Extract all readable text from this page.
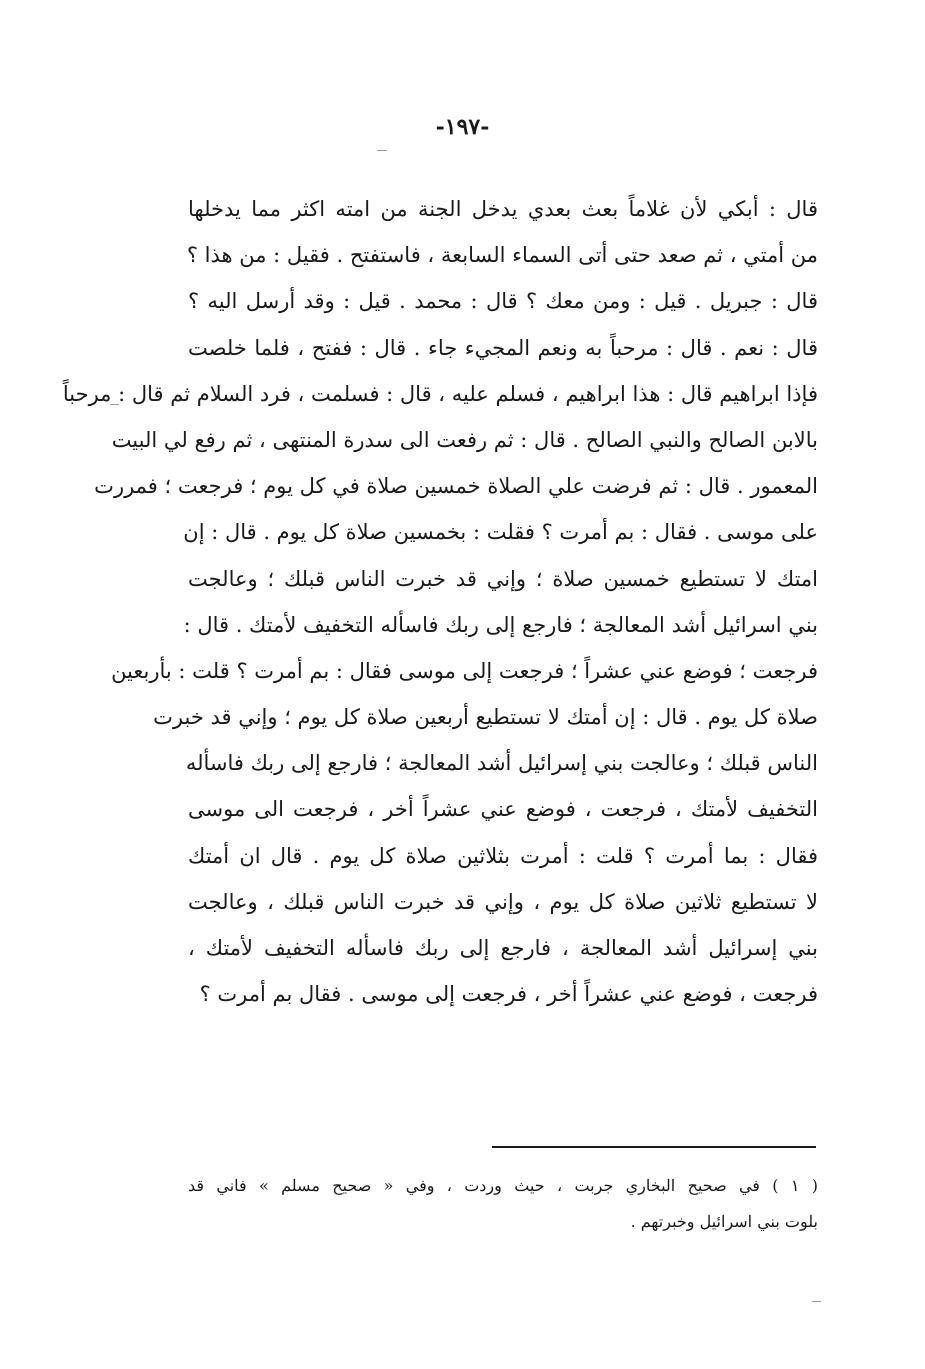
-١٩٧-
قال : أبكي لأن غلاماً بعث بعدي يدخل الجنة من امته اكثر مما يدخلها
من أمتي ، ثم صعد حتى أتى السماء السابعة ، فاستفتح . فقيل : من هذا ؟
قال : جبريل . قيل : ومن معك ؟ قال : محمد . قيل : وقد أرسل اليه ؟
قال : نعم . قال : مرحباً به ونعم المجيء جاء . قال : ففتح ، فلما خلصت
فإذا ابراهيم قال : هذا ابراهيم ، فسلم عليه ، قال : فسلمت ، فرد السلام ثم قال : مرحباً
بالابن الصالح والنبي الصالح . قال : ثم رفعت الى سدرة المنتهى ، ثم رفع لي البيت
المعمور . قال : ثم فرضت علي الصلاة خمسين صلاة في كل يوم ؛ فرجعت ؛ فمررت
على موسى . فقال : بم أمرت ؟ فقلت : بخمسين صلاة كل يوم . قال : إن
امتك لا تستطيع خمسين صلاة ؛ وإني قد خبرت الناس قبلك ؛ وعالجت
بني اسرائيل أشد المعالجة ؛ فارجع إلى ربك فاسأله التخفيف لأمتك . قال :
فرجعت ؛ فوضع عني عشراً ؛ فرجعت إلى موسى فقال : بم أمرت ؟ قلت : بأربعين
صلاة كل يوم . قال : إن أمتك لا تستطيع أربعين صلاة كل يوم ؛ وإني قد خبرت
الناس قبلك ؛ وعالجت بني إسرائيل أشد المعالجة ؛ فارجع إلى ربك فاسأله
التخفيف لأمتك ، فرجعت ، فوضع عني عشراً أخر ، فرجعت الى موسى
فقال : بما أمرت ؟ قلت : أمرت بثلاثين صلاة كل يوم . قال ان أمتك
لا تستطيع ثلاثين صلاة كل يوم ، وإني قد خبرت الناس قبلك ، وعالجت
بني إسرائيل أشد المعالجة ، فارجع إلى ربك فاسأله التخفيف لأمتك ،
فرجعت ، فوضع عني عشراً أخر ، فرجعت إلى موسى . فقال بم أمرت ؟
( ١ ) في صحيح البخاري جربت ، حيث وردت ، وفي « صحيح مسلم » فاني قد
بلوت بني اسرائيل وخبرتهم .
